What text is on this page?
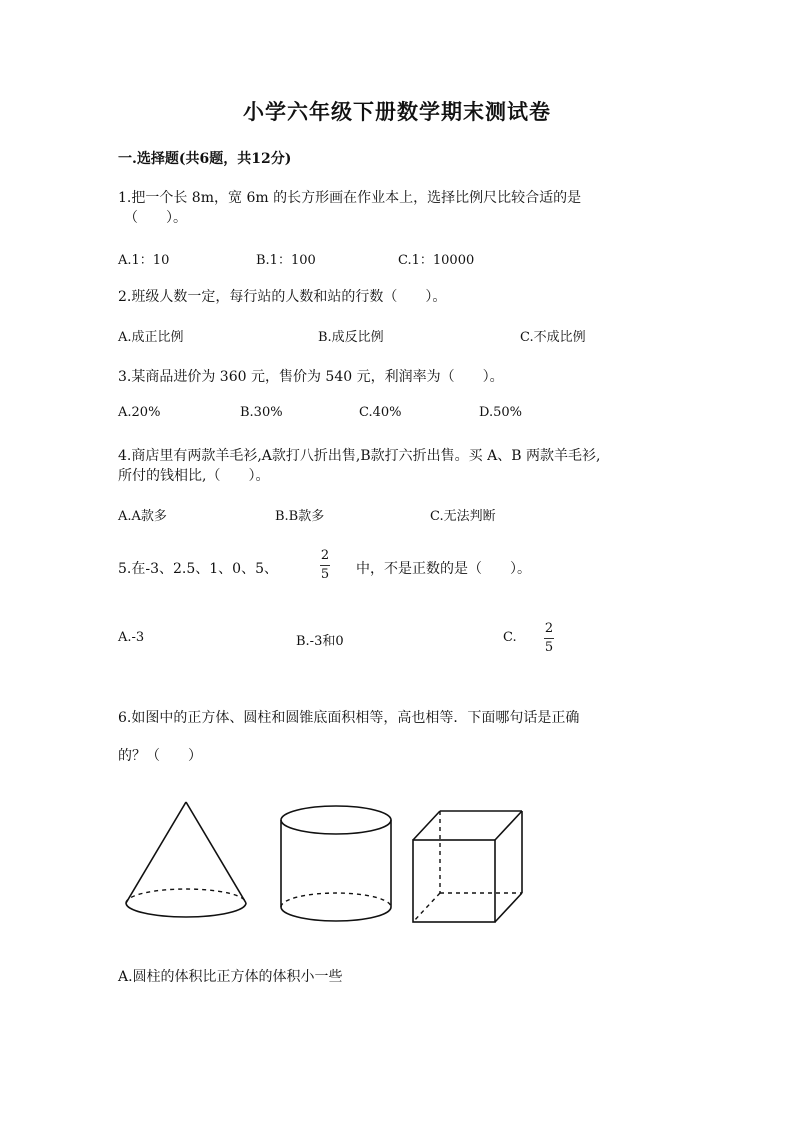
小学六年级下册数学期末测试卷
一.选择题(共6题，共12分)
1.把一个长 8m，宽 6m 的长方形画在作业本上，选择比例尺比较合适的是
（　　）。
A.1：10	B.1：100	C.1：10000
2.班级人数一定，每行站的人数和站的行数（　　）。
A.成正比例	B.成反比例	C.不成比例
3.某商品进价为 360 元，售价为 540 元，利润率为（　　）。
A.20%	B.30%	C.40%	D.50%
4.商店里有两款羊毛衫,A款打八折出售,B款打六折出售。买 A、B 两款羊毛衫,
所付的钱相比,（　　）。
A.A款多	B.B款多	C.无法判断
5.在-3、2.5、1、0、5、
2
5 中，不是正数的是（　　）。
A.-3	B.-3和0	C.
2
5
6.如图中的正方体、圆柱和圆锥底面积相等，高也相等．下面哪句话是正确
的？（　　）
A.圆柱的体积比正方体的体积小一些
